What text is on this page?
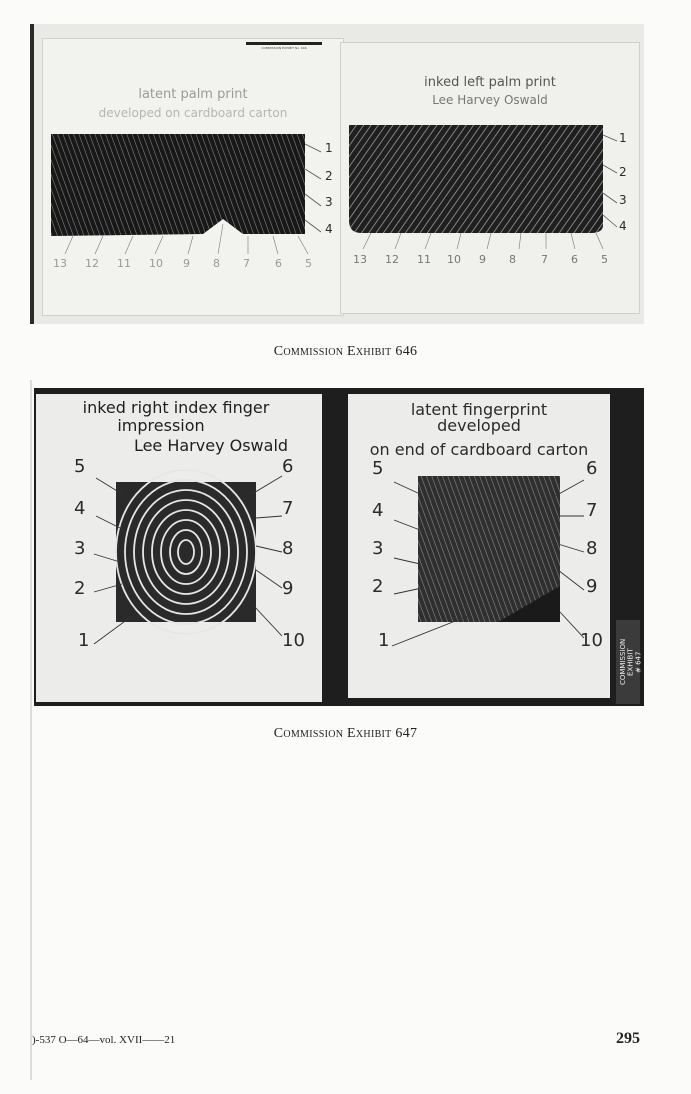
latent palm print
developed on cardboard carton
1
2
3
4
13 12 11 10 9 8 7 6 5
COMMISSION EXHIBIT No. 646
inked left palm print
Lee Harvey Oswald
1
2
3
4
13 12 11 10 9 8 7 6 5
Commission Exhibit 646
inked right index finger
impression
Lee Harvey Oswald
5
4
3
2
1
6
7
8
9
10
latent fingerprint
developed
on end of cardboard carton
5
4
3
2
1
6
7
8
9
10 COMMISSION EXHIBIT
# 647
Commission Exhibit 647
)-537 O—64—vol. XVII——21	295
